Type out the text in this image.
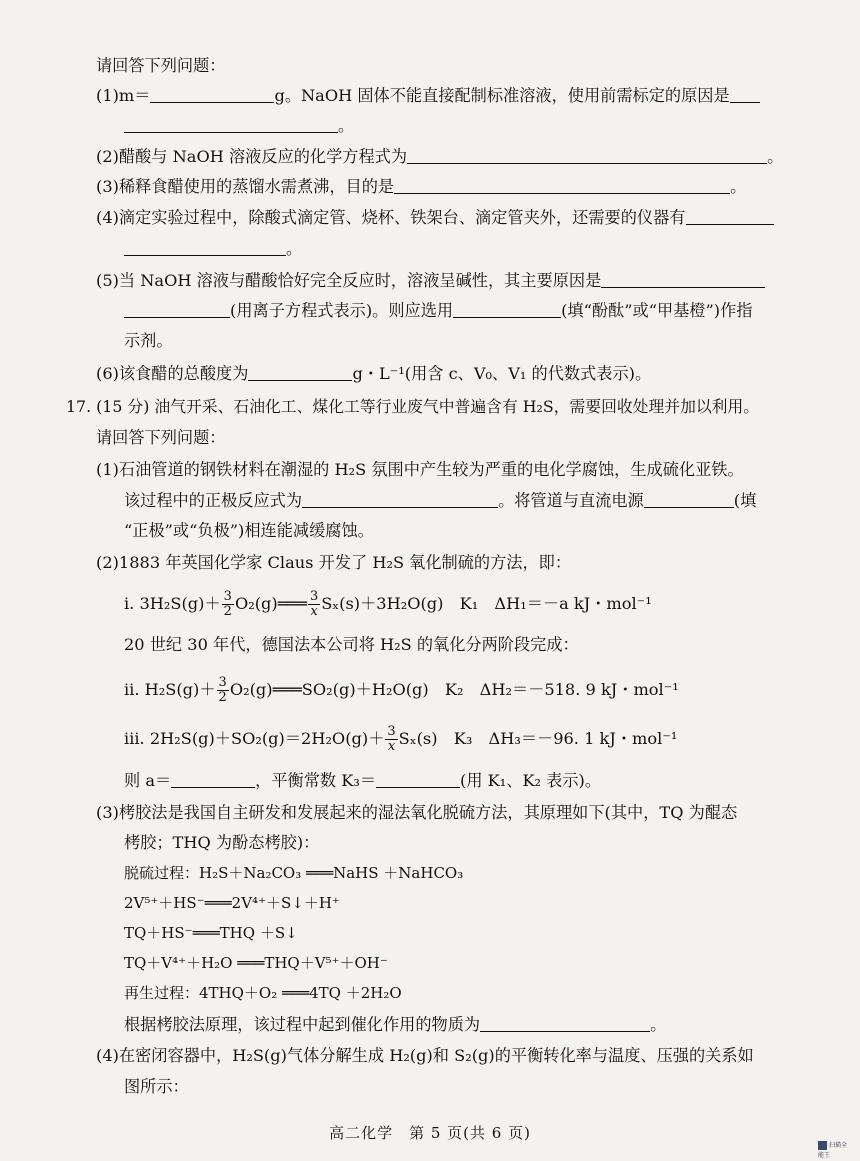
请回答下列问题：
(1)m＝	g。NaOH 固体不能直接配制标准溶液，使用前需标定的原因是
。
(2)醋酸与 NaOH 溶液反应的化学方程式为	。
(3)稀释食醋使用的蒸馏水需煮沸，目的是	。
(4)滴定实验过程中，除酸式滴定管、烧杯、铁架台、滴定管夹外，还需要的仪器有
。
(5)当 NaOH 溶液与醋酸恰好完全反应时，溶液呈碱性，其主要原因是
(用离子方程式表示)。则应选用	(填“酚酞”或“甲基橙”)作指
示剂。
(6)该食醋的总酸度为	g・L⁻¹(用含 c、V₀、V₁ 的代数式表示)。
17. (15 分) 油气开采、石油化工、煤化工等行业废气中普遍含有 H₂S，需要回收处理并加以利用。
请回答下列问题：
(1)石油管道的钢铁材料在潮湿的 H₂S 氛围中产生较为严重的电化学腐蚀，生成硫化亚铁。
该过程中的正极反应式为	。将管道与直流电源	(填
“正极”或“负极”)相连能减缓腐蚀。
(2)1883 年英国化学家 Claus 开发了 H₂S 氧化制硫的方法，即：
ⅰ. $3H_2S(g)+ \frac{3}{2}$ O₂(g)═══ $\frac{3}{x} S_x(s)+3H_2O(g)$　K₁　ΔH₁＝－a kJ・mol⁻¹
20 世纪 30 年代，德国法本公司将 H₂S 的氧化分两阶段完成：
ⅱ. $H_2S(g)+ \frac{3}{2}$ O₂(g)═══SO₂(g)＋H₂O(g)　K₂　ΔH₂＝－518. 9 kJ・mol⁻¹
ⅲ. $2H_2S(g)+SO_2(g)=2H_2O(g)+ \frac{3}{x} S_x(s)$　K₃　ΔH₃＝－96. 1 kJ・mol⁻¹
则 a＝	，平衡常数 K₃＝	(用 K₁、K₂ 表示)。
(3)栲胶法是我国自主研发和发展起来的湿法氧化脱硫方法，其原理如下(其中，TQ 为醌态
栲胶；THQ 为酚态栲胶)：
脱硫过程：H₂S＋Na₂CO₃ ═══NaHS ＋NaHCO₃
2V⁵⁺＋HS⁻═══2V⁴⁺＋S↓＋H⁺
TQ＋HS⁻═══THQ ＋S↓
TQ＋V⁴⁺＋H₂O ═══THQ＋V⁵⁺＋OH⁻
再生过程：4THQ＋O₂ ═══4TQ ＋2H₂O
根据栲胶法原理，该过程中起到催化作用的物质为	。
(4)在密闭容器中，H₂S(g)气体分解生成 H₂(g)和 S₂(g)的平衡转化率与温度、压强的关系如
图所示：
高二化学　第 5 页(共 6 页)
扫描全能王
